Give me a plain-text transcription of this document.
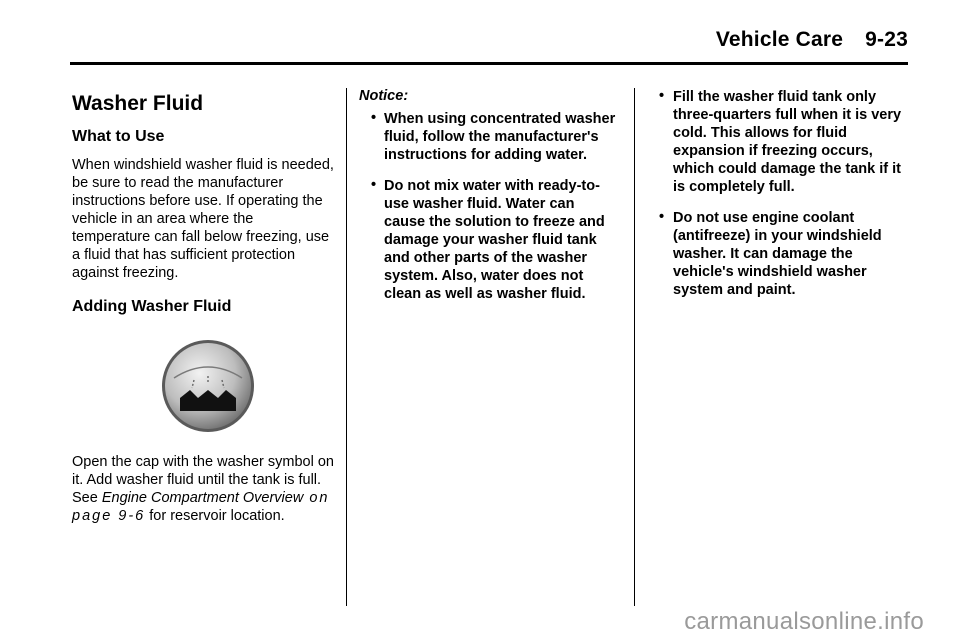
Vehicle Care 9-23
Washer Fluid
What to Use

When windshield washer fluid is needed, be sure to read the manufacturer instructions before use. If operating the vehicle in an area where the temperature can fall below freezing, use a fluid that has sufficient protection against freezing.

Adding Washer Fluid

Open the cap with the washer symbol on it. Add washer fluid until the tank is full. See Engine Compartment Overview on page 9-6 for reservoir location.

Notice:
• When using concentrated washer fluid, follow the manufacturer's instructions for adding water.
• Do not mix water with ready-to-use washer fluid. Water can cause the solution to freeze and damage your washer fluid tank and other parts of the washer system. Also, water does not clean as well as washer fluid.
• Fill the washer fluid tank only three-quarters full when it is very cold. This allows for fluid expansion if freezing occurs, which could damage the tank if it is completely full.
• Do not use engine coolant (antifreeze) in your windshield washer. It can damage the vehicle's windshield washer system and paint.
carmanualsonline.info
